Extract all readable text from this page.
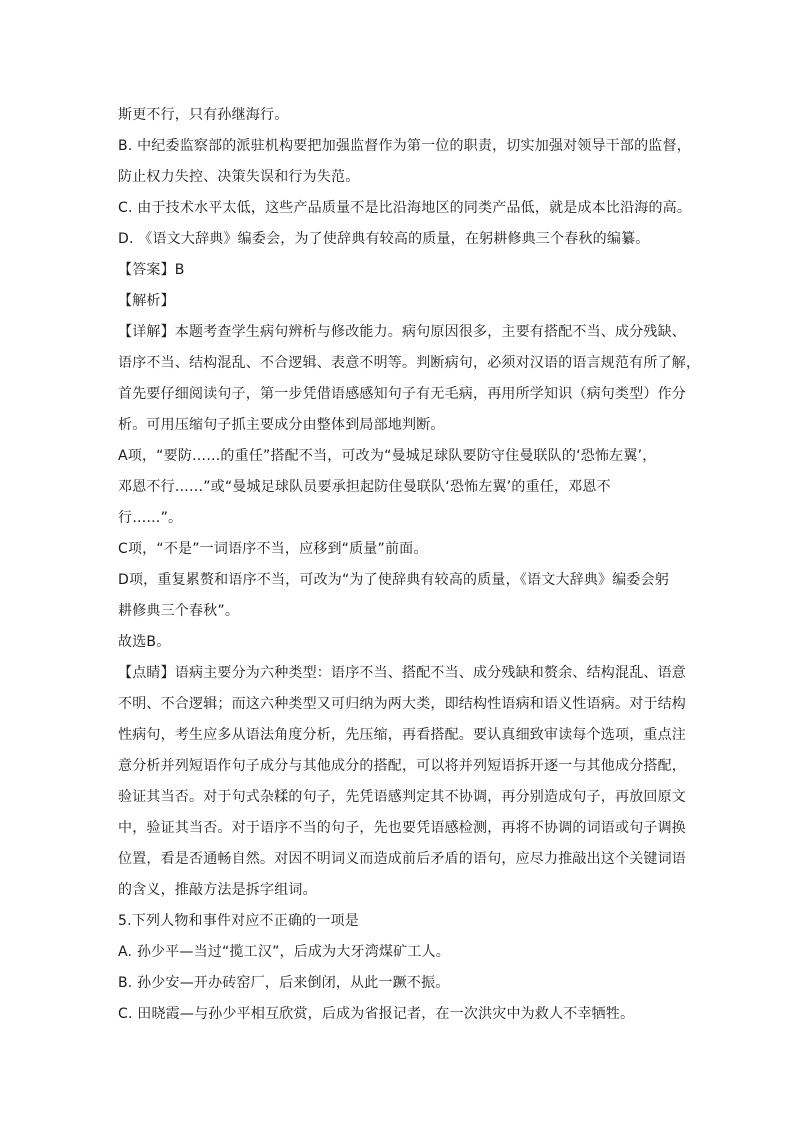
斯更不行，只有孙继海行。
B. 中纪委监察部的派驻机构要把加强监督作为第一位的职责，切实加强对领导干部的监督，
防止权力失控、决策失误和行为失范。
C. 由于技术水平太低，这些产品质量不是比沿海地区的同类产品低，就是成本比沿海的高。
D. 《语文大辞典》编委会，为了使辞典有较高的质量，在躬耕修典三个春秋的编纂。
【答案】B
【解析】
【详解】本题考查学生病句辨析与修改能力。病句原因很多，主要有搭配不当、成分残缺、
语序不当、结构混乱、不合逻辑、表意不明等。判断病句，必须对汉语的语言规范有所了解，
首先要仔细阅读句子，第一步凭借语感感知句子有无毛病，再用所学知识（病句类型）作分
析。可用压缩句子抓主要成分由整体到局部地判断。
A项，“要防……的重任”搭配不当，可改为“曼城足球队要防守住曼联队的‘恐怖左翼’，
邓恩不行……”或“曼城足球队员要承担起防住曼联队‘恐怖左翼’的重任，邓恩不
行……”。
C项，“不是”一词语序不当，应移到“质量”前面。
D项，重复累赘和语序不当，可改为“为了使辞典有较高的质量，《语文大辞典》编委会躬
耕修典三个春秋”。
故选B。
【点睛】语病主要分为六种类型：语序不当、搭配不当、成分残缺和赘余、结构混乱、语意
不明、不合逻辑；而这六种类型又可归纳为两大类，即结构性语病和语义性语病。对于结构
性病句，考生应多从语法角度分析，先压缩，再看搭配。要认真细致审读每个选项，重点注
意分析并列短语作句子成分与其他成分的搭配，可以将并列短语拆开逐一与其他成分搭配，
验证其当否。对于句式杂糅的句子，先凭语感判定其不协调，再分别造成句子，再放回原文
中，验证其当否。对于语序不当的句子，先也要凭语感检测，再将不协调的词语或句子调换
位置，看是否通畅自然。对因不明词义而造成前后矛盾的语句，应尽力推敲出这个关键词语
的含义，推敲方法是拆字组词。
5.下列人物和事件对应不正确的一项是
A. 孙少平—当过“揽工汉”，后成为大牙湾煤矿工人。
B. 孙少安—开办砖窑厂，后来倒闭，从此一蹶不振。
C. 田晓霞—与孙少平相互欣赏，后成为省报记者，在一次洪灾中为救人不幸牺牲。
